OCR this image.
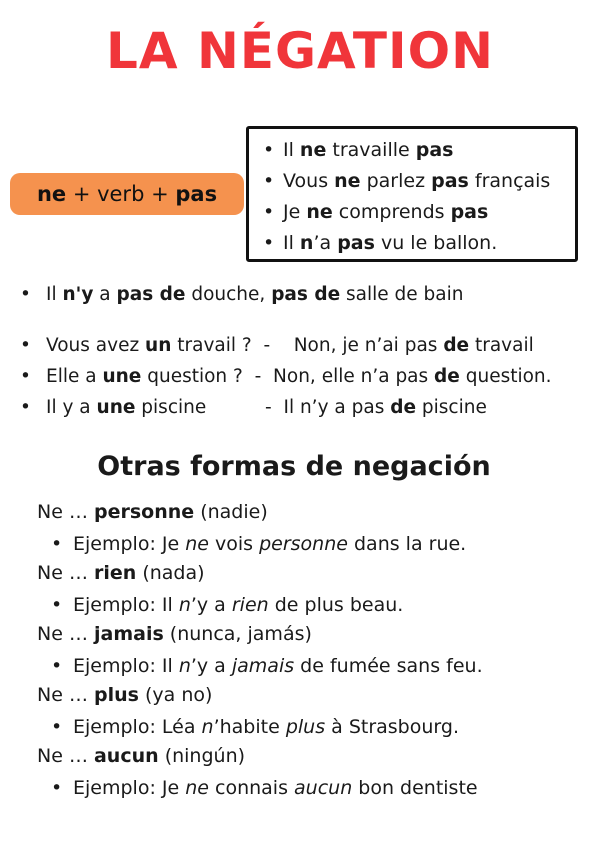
LA NÉGATION
ne + verb + pas
• Il ne travaille pas
• Vous ne parlez pas français
• Je ne comprends pas
• Il n’a pas vu le ballon.
• Il n'y a pas de douche, pas de salle de bain
• Vous avez un travail ?  -    Non, je n’ai pas de travail
• Elle a une question ?  -  Non, elle n’a pas de question.
• Il y a une piscine          -  Il n’y a pas de piscine
Otras formas de negación
Ne … personne (nadie)
• Ejemplo: Je ne vois personne dans la rue.
Ne … rien (nada)
• Ejemplo: Il n’y a rien de plus beau.
Ne … jamais (nunca, jamás)
• Ejemplo: Il n’y a jamais de fumée sans feu.
Ne … plus (ya no)
• Ejemplo: Léa n’habite plus à Strasbourg.
Ne … aucun (ningún)
• Ejemplo: Je ne connais aucun bon dentiste
